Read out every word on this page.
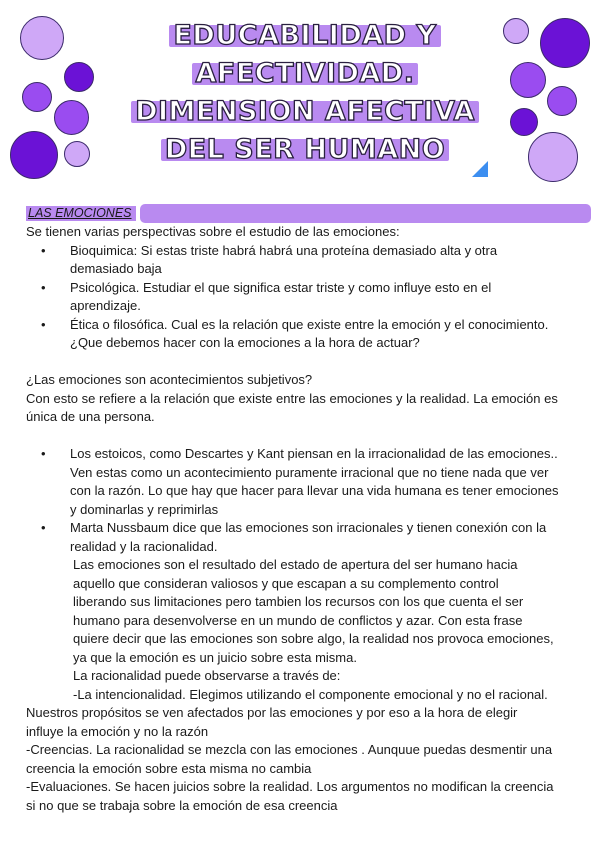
EDUCABILIDAD Y
AFECTIVIDAD.
DIMENSION AFECTIVA
DEL SER HUMANO
LAS EMOCIONES

Se tienen varias perspectivas sobre el estudio de las emociones:

• Bioquimica: Si estas triste habrá habrá una proteína demasiado alta y otra

demasiado baja

• Psicológica. Estudiar el que significa estar triste y como influye esto en el

aprendizaje.

• Ética o filosófica. Cual es la relación que existe entre la emoción y el conocimiento.

¿Que debemos hacer con la emociones a la hora de actuar?

¿Las emociones son acontecimientos subjetivos?

Con esto se refiere a la relación que existe entre las emociones y la realidad. La emoción es

única de una persona.

• Los estoicos, como Descartes y Kant piensan en la irracionalidad de las emociones..

Ven estas como un acontecimiento puramente irracional que no tiene nada que ver

con la razón. Lo que hay que hacer para llevar una vida humana es tener emociones

y dominarlas y reprimirlas

• Marta Nussbaum dice que las emociones son irracionales y tienen conexión con la

realidad y la racionalidad.

Las emociones son el resultado del estado de apertura del ser humano hacia

aquello que consideran valiosos y que escapan a su complemento control

liberando sus limitaciones pero tambien los recursos con los que cuenta el ser

humano para desenvolverse en un mundo de conflictos y azar. Con esta frase

quiere decir que las emociones son sobre algo, la realidad nos provoca emociones,

ya que la emoción es un juicio sobre esta misma.

La racionalidad puede observarse a través de:

-La intencionalidad. Elegimos utilizando el componente emocional y no el racional.

Nuestros propósitos se ven afectados por las emociones y por eso a la hora de elegir

influye la emoción y no la razón

-Creencias. La racionalidad se mezcla con las emociones . Aunquue puedas desmentir una

creencia la emoción sobre esta misma no cambia

-Evaluaciones. Se hacen juicios sobre la realidad. Los argumentos no modifican la creencia

si no que se trabaja sobre la emoción de esa creencia
